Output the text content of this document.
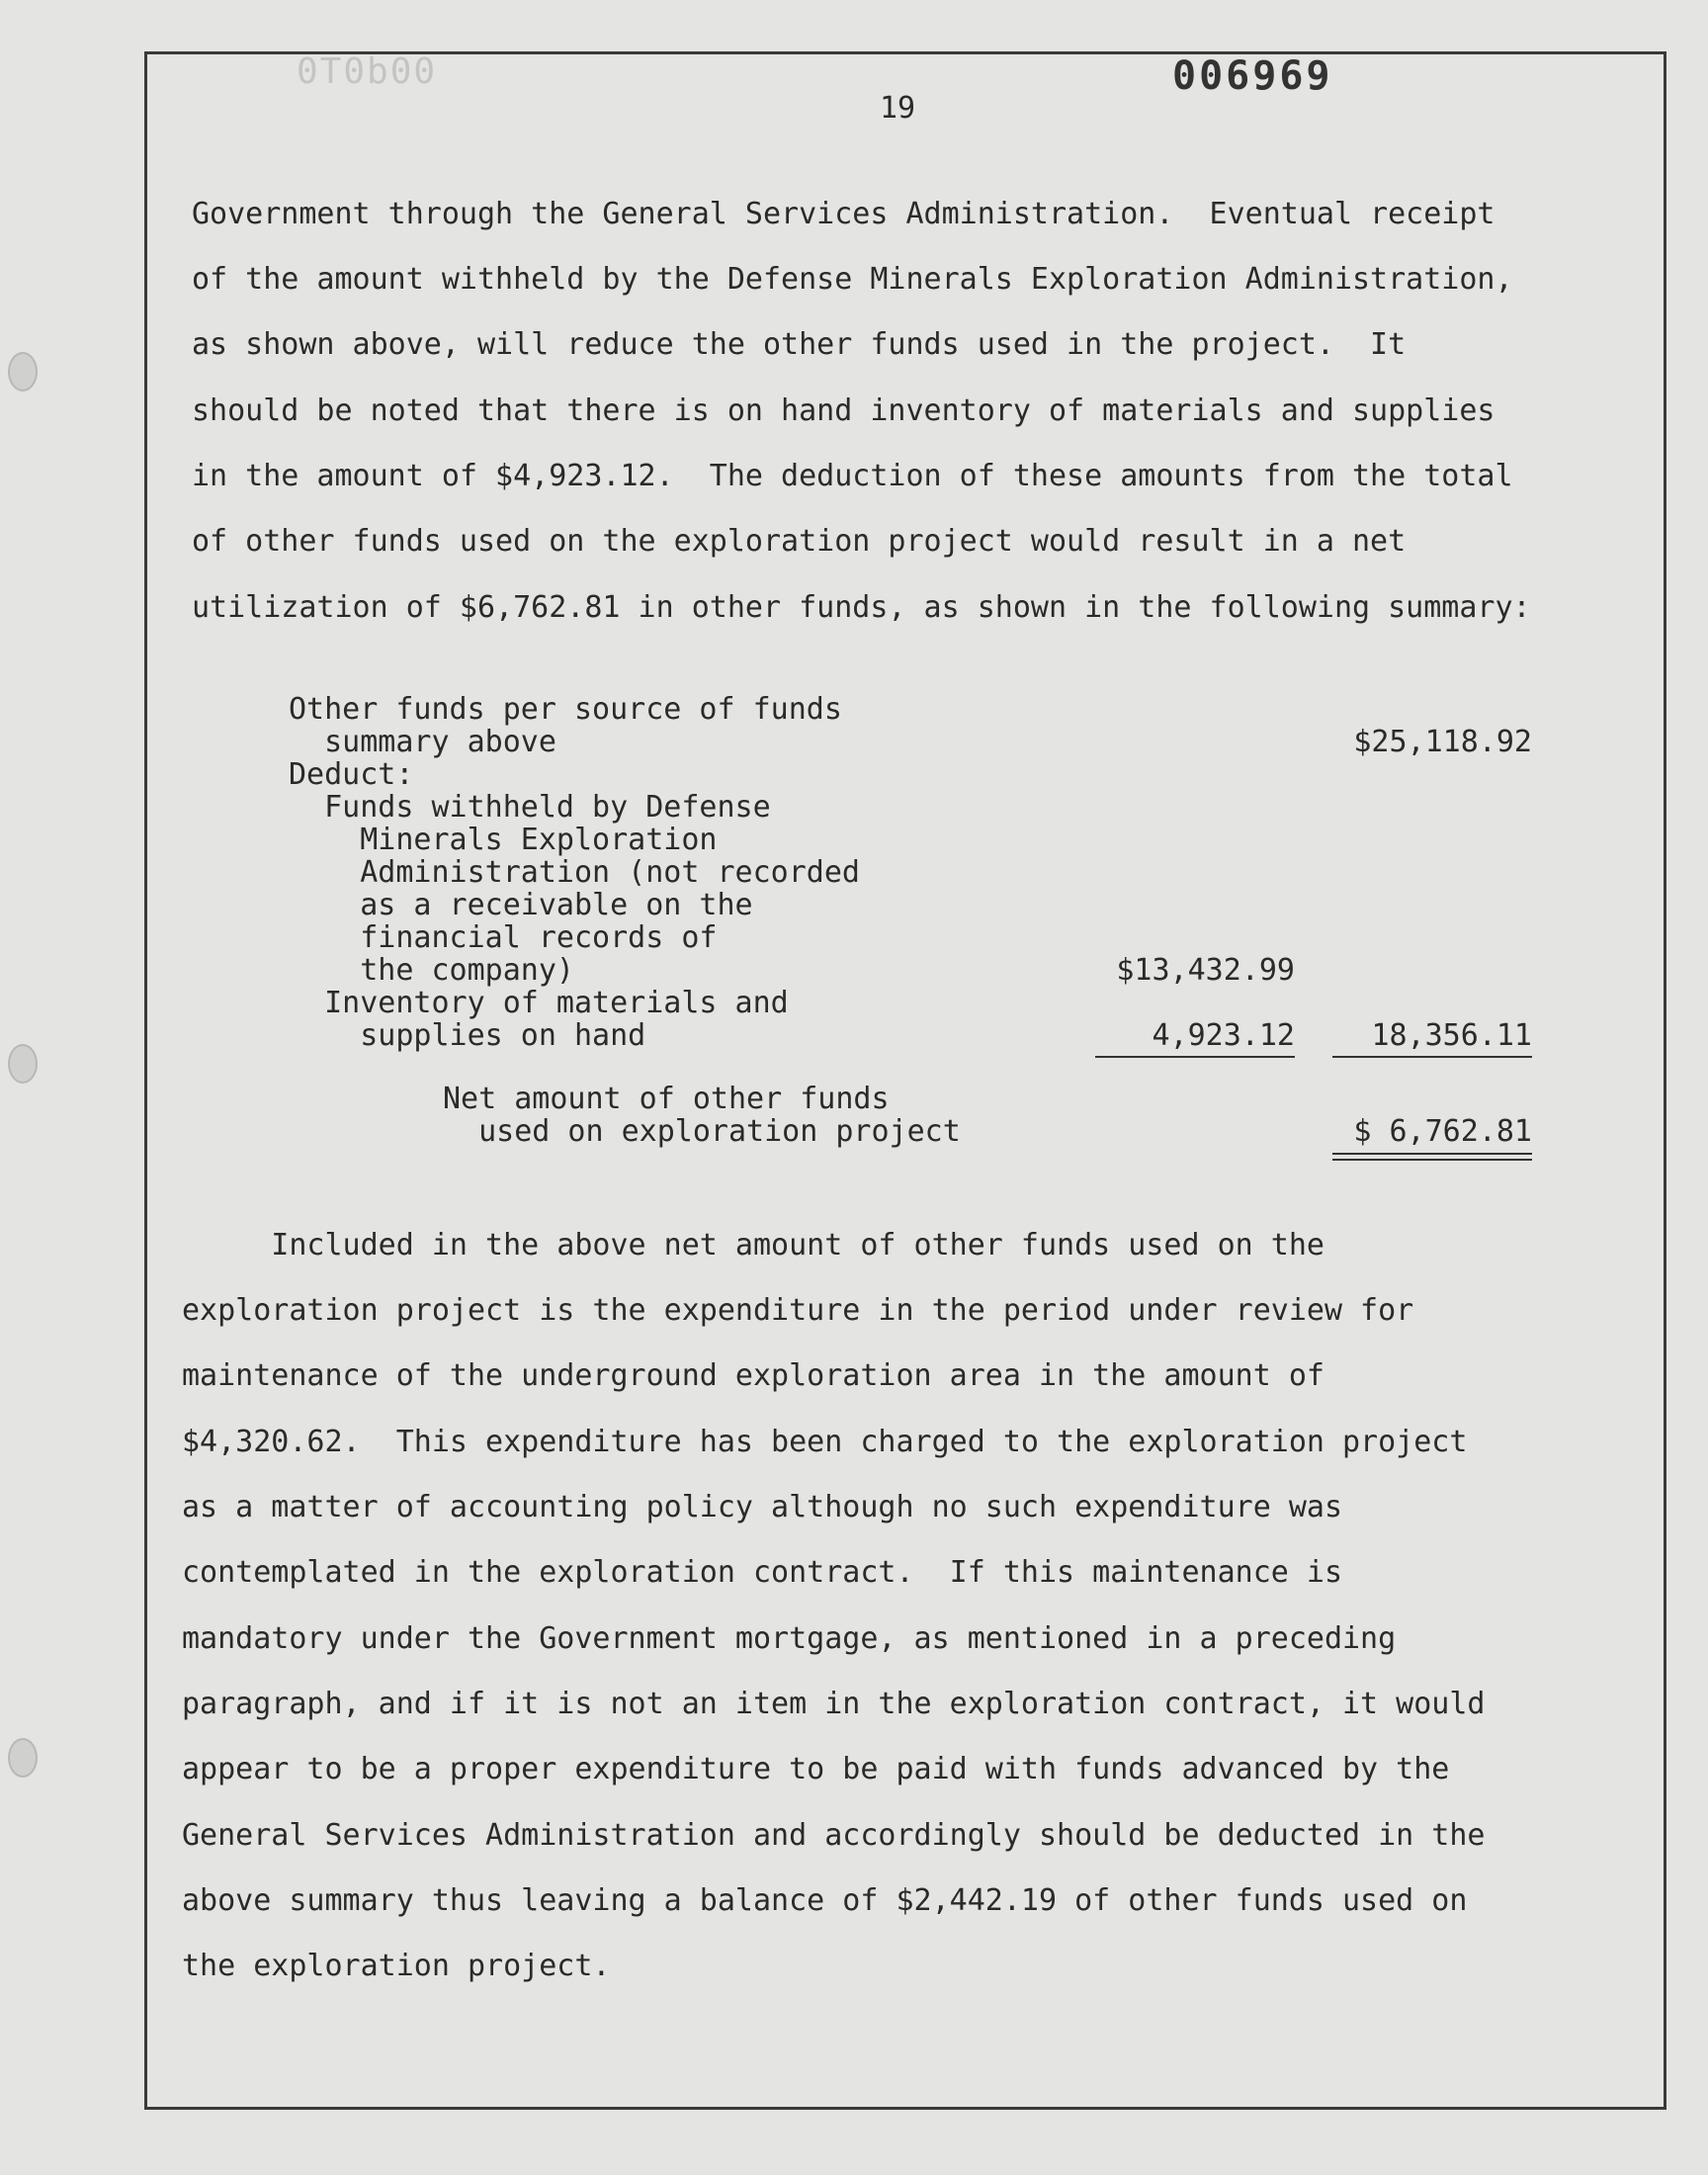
0T0b00	006969
19
Government through the General Services Administration.  Eventual receipt
of the amount withheld by the Defense Minerals Exploration Administration,
as shown above, will reduce the other funds used in the project.  It
should be noted that there is on hand inventory of materials and supplies
in the amount of $4,923.12.  The deduction of these amounts from the total
of other funds used on the exploration project would result in a net
utilization of $6,762.81 in other funds, as shown in the following summary:
Other funds per source of funds
summary above
Deduct:
Funds withheld by Defense
Minerals Exploration
Administration (not recorded
as a receivable on the
financial records of
the company)
Inventory of materials and
supplies on hand
Net amount of other funds
used on exploration project
$25,118.92
$13,432.99
4,923.12	18,356.11
$ 6,762.81
Included in the above net amount of other funds used on the
exploration project is the expenditure in the period under review for
maintenance of the underground exploration area in the amount of
$4,320.62.  This expenditure has been charged to the exploration project
as a matter of accounting policy although no such expenditure was
contemplated in the exploration contract.  If this maintenance is
mandatory under the Government mortgage, as mentioned in a preceding
paragraph, and if it is not an item in the exploration contract, it would
appear to be a proper expenditure to be paid with funds advanced by the
General Services Administration and accordingly should be deducted in the
above summary thus leaving a balance of $2,442.19 of other funds used on
the exploration project.
